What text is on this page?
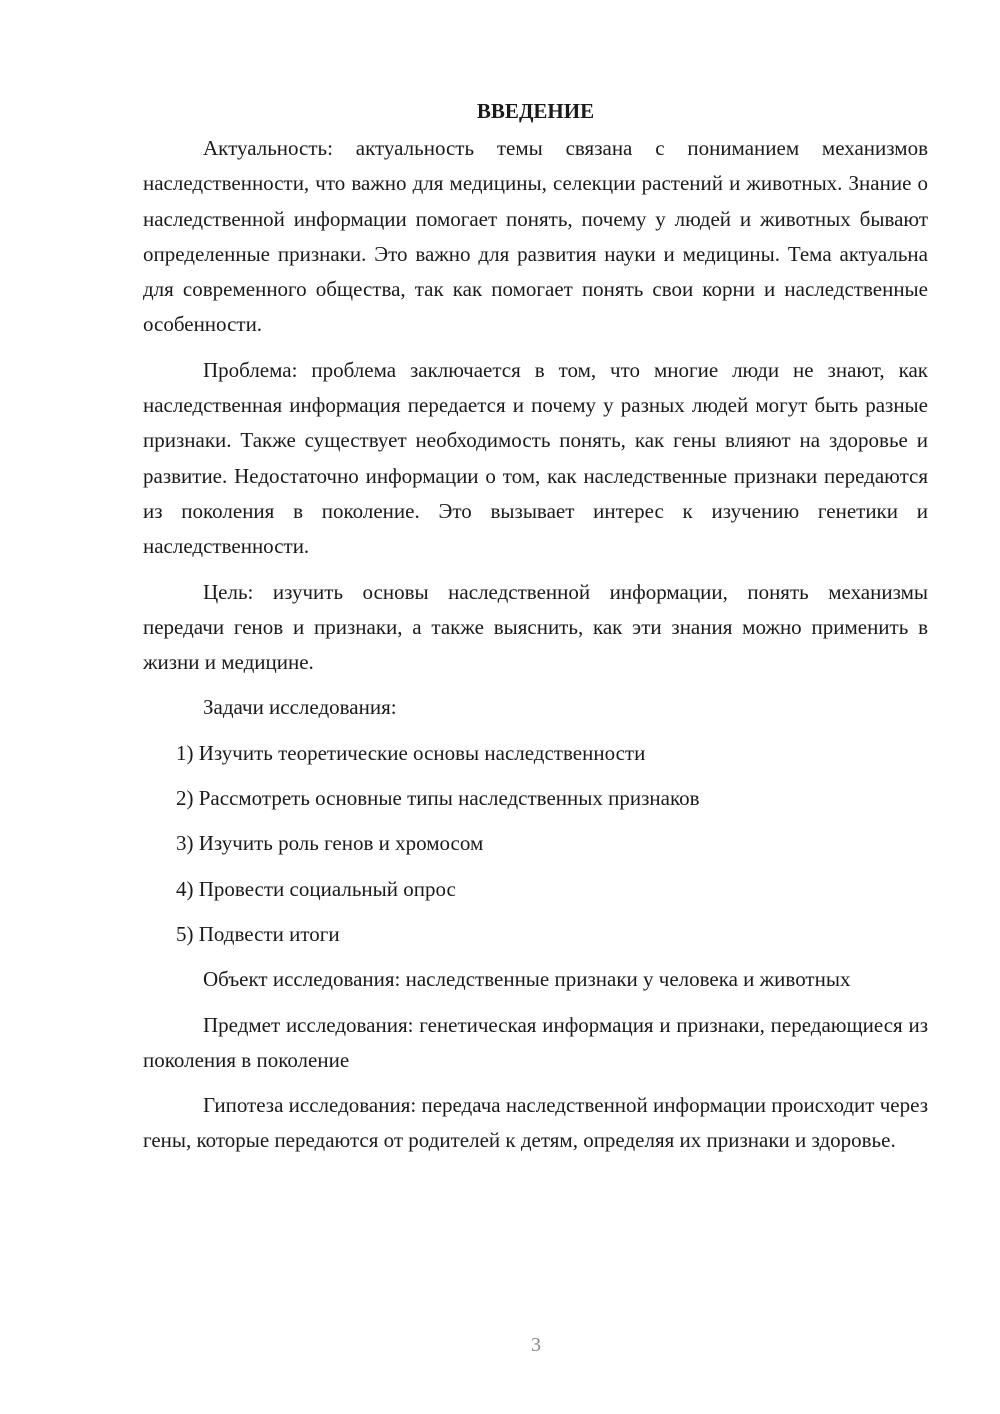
ВВЕДЕНИЕ

Актуальность: актуальность темы связана с пониманием механизмов наследственности, что важно для медицины, селекции растений и животных. Знание о наследственной информации помогает понять, почему у людей и животных бывают определенные признаки. Это важно для развития науки и медицины. Тема актуальна для современного общества, так как помогает понять свои корни и наследственные особенности.

Проблема: проблема заключается в том, что многие люди не знают, как наследственная информация передается и почему у разных людей могут быть разные признаки. Также существует необходимость понять, как гены влияют на здоровье и развитие. Недостаточно информации о том, как наследственные признаки передаются из поколения в поколение. Это вызывает интерес к изучению генетики и наследственности.

Цель: изучить основы наследственной информации, понять механизмы передачи генов и признаки, а также выяснить, как эти знания можно применить в жизни и медицине.

Задачи исследования:

1) Изучить теоретические основы наследственности
2) Рассмотреть основные типы наследственных признаков
3) Изучить роль генов и хромосом
4) Провести социальный опрос
5) Подвести итоги

Объект исследования: наследственные признаки у человека и животных

Предмет исследования: генетическая информация и признаки, передающиеся из поколения в поколение

Гипотеза исследования: передача наследственной информации происходит через гены, которые передаются от родителей к детям, определяя их признаки и здоровье.

3
